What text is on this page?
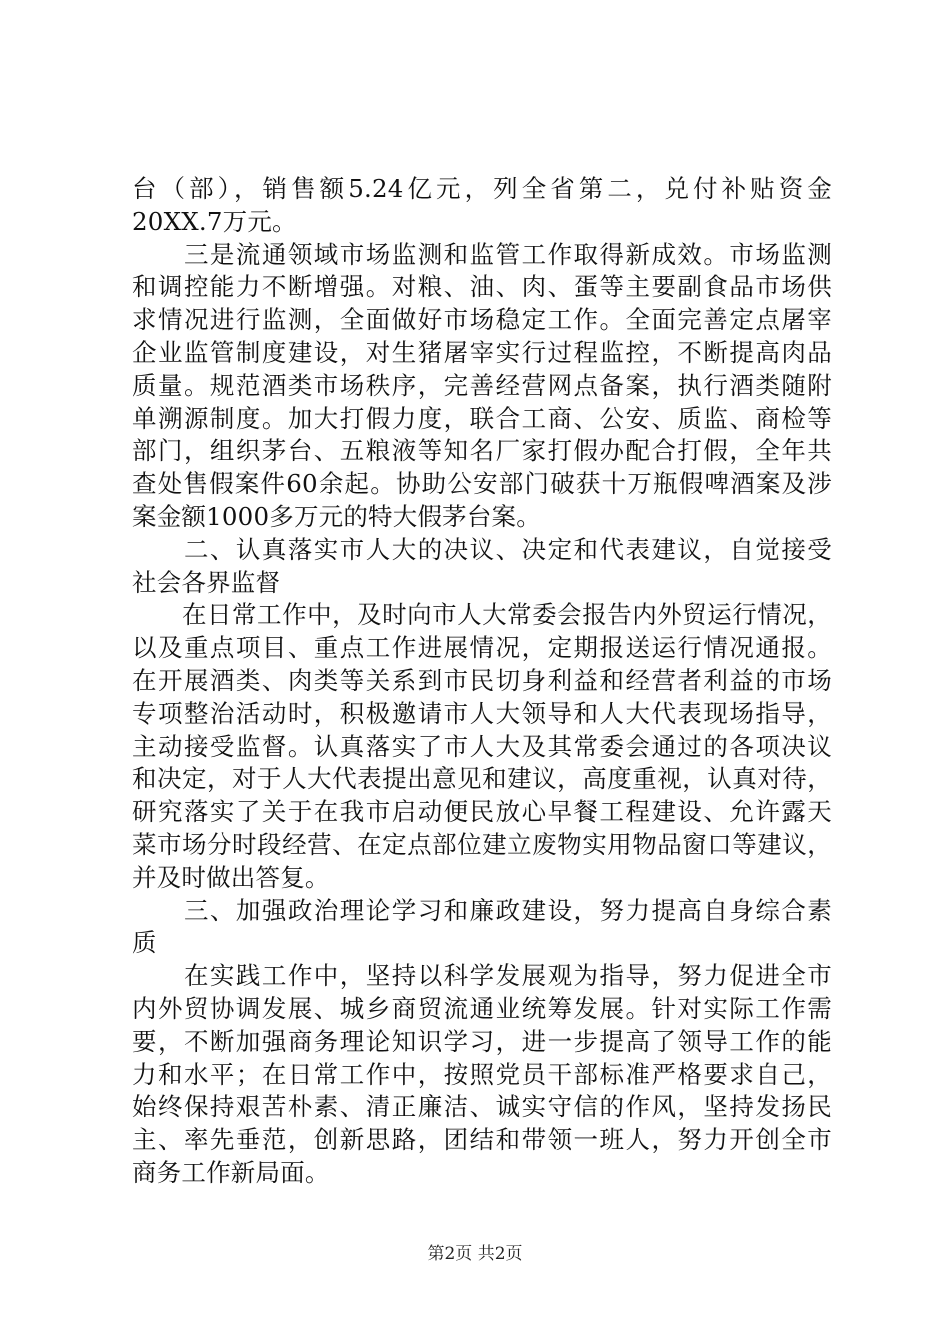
台（部），销售额5.24亿元，列全省第二，兑付补贴资金
20XX.7万元。
　　三是流通领域市场监测和监管工作取得新成效。市场监测
和调控能力不断增强。对粮、油、肉、蛋等主要副食品市场供
求情况进行监测，全面做好市场稳定工作。全面完善定点屠宰
企业监管制度建设，对生猪屠宰实行过程监控，不断提高肉品
质量。规范酒类市场秩序，完善经营网点备案，执行酒类随附
单溯源制度。加大打假力度，联合工商、公安、质监、商检等
部门，组织茅台、五粮液等知名厂家打假办配合打假，全年共
查处售假案件60余起。协助公安部门破获十万瓶假啤酒案及涉
案金额1000多万元的特大假茅台案。
　　二、认真落实市人大的决议、决定和代表建议，自觉接受
社会各界监督
　　在日常工作中，及时向市人大常委会报告内外贸运行情况，
以及重点项目、重点工作进展情况，定期报送运行情况通报。
在开展酒类、肉类等关系到市民切身利益和经营者利益的市场
专项整治活动时，积极邀请市人大领导和人大代表现场指导，
主动接受监督。认真落实了市人大及其常委会通过的各项决议
和决定，对于人大代表提出意见和建议，高度重视，认真对待，
研究落实了关于在我市启动便民放心早餐工程建设、允许露天
菜市场分时段经营、在定点部位建立废物实用物品窗口等建议，
并及时做出答复。
　　三、加强政治理论学习和廉政建设，努力提高自身综合素
质
　　在实践工作中，坚持以科学发展观为指导，努力促进全市
内外贸协调发展、城乡商贸流通业统筹发展。针对实际工作需
要，不断加强商务理论知识学习，进一步提高了领导工作的能
力和水平；在日常工作中，按照党员干部标准严格要求自己，
始终保持艰苦朴素、清正廉洁、诚实守信的作风，坚持发扬民
主、率先垂范，创新思路，团结和带领一班人，努力开创全市
商务工作新局面。
第2页 共2页
